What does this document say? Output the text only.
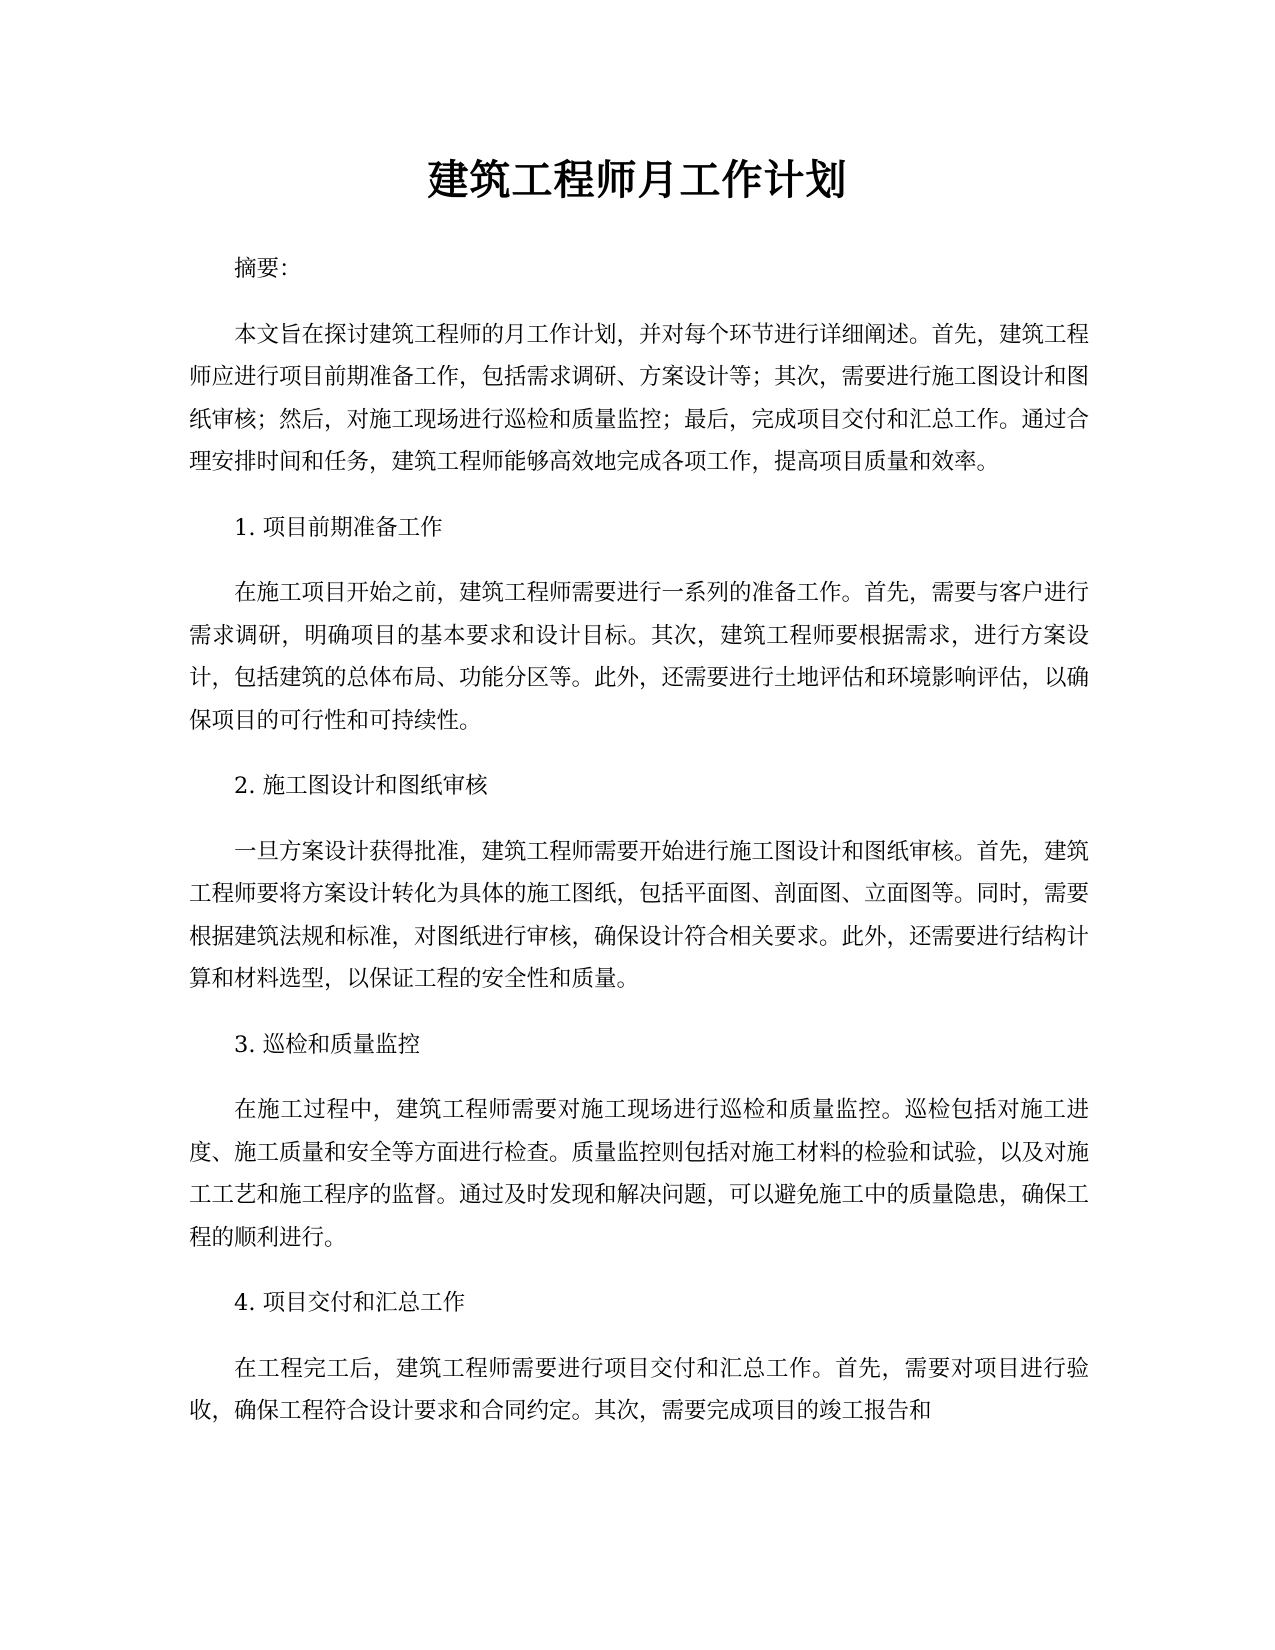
建筑工程师月工作计划

摘要：

本文旨在探讨建筑工程师的月工作计划，并对每个环节进行详细阐述。首先，建筑工程师应进行项目前期准备工作，包括需求调研、方案设计等；其次，需要进行施工图设计和图纸审核；然后，对施工现场进行巡检和质量监控；最后，完成项目交付和汇总工作。通过合理安排时间和任务，建筑工程师能够高效地完成各项工作，提高项目质量和效率。

1. 项目前期准备工作

在施工项目开始之前，建筑工程师需要进行一系列的准备工作。首先，需要与客户进行需求调研，明确项目的基本要求和设计目标。其次，建筑工程师要根据需求，进行方案设计，包括建筑的总体布局、功能分区等。此外，还需要进行土地评估和环境影响评估，以确保项目的可行性和可持续性。

2. 施工图设计和图纸审核

一旦方案设计获得批准，建筑工程师需要开始进行施工图设计和图纸审核。首先，建筑工程师要将方案设计转化为具体的施工图纸，包括平面图、剖面图、立面图等。同时，需要根据建筑法规和标准，对图纸进行审核，确保设计符合相关要求。此外，还需要进行结构计算和材料选型，以保证工程的安全性和质量。

3. 巡检和质量监控

在施工过程中，建筑工程师需要对施工现场进行巡检和质量监控。巡检包括对施工进度、施工质量和安全等方面进行检查。质量监控则包括对施工材料的检验和试验，以及对施工工艺和施工程序的监督。通过及时发现和解决问题，可以避免施工中的质量隐患，确保工程的顺利进行。

4. 项目交付和汇总工作

在工程完工后，建筑工程师需要进行项目交付和汇总工作。首先，需要对项目进行验收，确保工程符合设计要求和合同约定。其次，需要完成项目的竣工报告和
